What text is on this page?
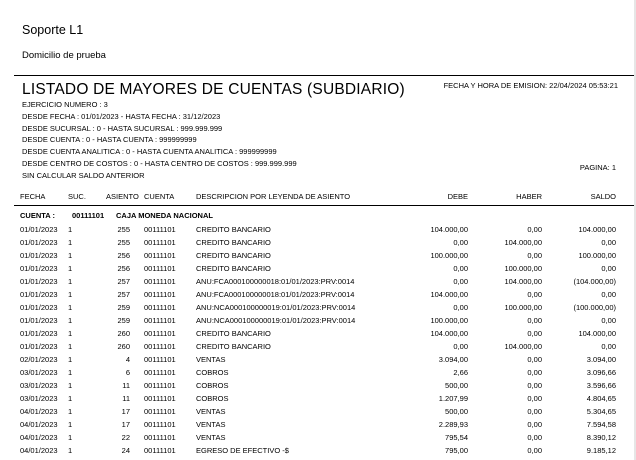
Soporte L1
Domicilio de prueba
LISTADO DE MAYORES DE CUENTAS (SUBDIARIO)	FECHA Y HORA DE EMISION: 22/04/2024 05:53:21
EJERCICIO NUMERO : 3
DESDE FECHA : 01/01/2023 - HASTA FECHA : 31/12/2023
DESDE SUCURSAL : 0 - HASTA SUCURSAL : 999.999.999
DESDE CUENTA : 0 - HASTA CUENTA : 999999999
DESDE CUENTA ANALITICA : 0 - HASTA CUENTA ANALITICA : 999999999
DESDE CENTRO DE COSTOS : 0 - HASTA CENTRO DE COSTOS : 999.999.999
SIN CALCULAR SALDO ANTERIOR
PAGINA: 1
FECHA	SUC.	ASIENTO CUENTA	DESCRIPCION POR LEYENDA DE ASIENTO	DEBE	HABER	SALDO
CUENTA : 00111101 CAJA MONEDA NACIONAL
01/01/2023 1	255 00111101	CREDITO BANCARIO	104.000,00	0,00	104.000,00
01/01/2023 1	255 00111101	CREDITO BANCARIO	0,00	104.000,00	0,00
01/01/2023 1	256 00111101	CREDITO BANCARIO	100.000,00	0,00	100.000,00
01/01/2023 1	256 00111101	CREDITO BANCARIO	0,00	100.000,00	0,00
01/01/2023 1	257 00111101	ANU:FCA000100000018:01/01/2023:PRV:0014	0,00	104.000,00	(104.000,00)
01/01/2023 1	257 00111101	ANU:FCA000100000018:01/01/2023:PRV:0014	104.000,00	0,00	0,00
01/01/2023 1	259 00111101	ANU:NCA000100000019:01/01/2023:PRV:0014	0,00	100.000,00	(100.000,00)
01/01/2023 1	259 00111101	ANU:NCA000100000019:01/01/2023:PRV:0014	100.000,00	0,00	0,00
01/01/2023 1	260 00111101	CREDITO BANCARIO	104.000,00	0,00	104.000,00
01/01/2023 1	260 00111101	CREDITO BANCARIO	0,00	104.000,00	0,00
02/01/2023 1	4 00111101	VENTAS	3.094,00	0,00	3.094,00
03/01/2023 1	6 00111101	COBROS	2,66	0,00	3.096,66
03/01/2023 1	11 00111101	COBROS	500,00	0,00	3.596,66
03/01/2023 1	11 00111101	COBROS	1.207,99	0,00	4.804,65
04/01/2023 1	17 00111101	VENTAS	500,00	0,00	5.304,65
04/01/2023 1	17 00111101	VENTAS	2.289,93	0,00	7.594,58
04/01/2023 1	22 00111101	VENTAS	795,54	0,00	8.390,12
04/01/2023 1	24 00111101	EGRESO DE EFECTIVO -$	795,00	0,00	9.185,12
